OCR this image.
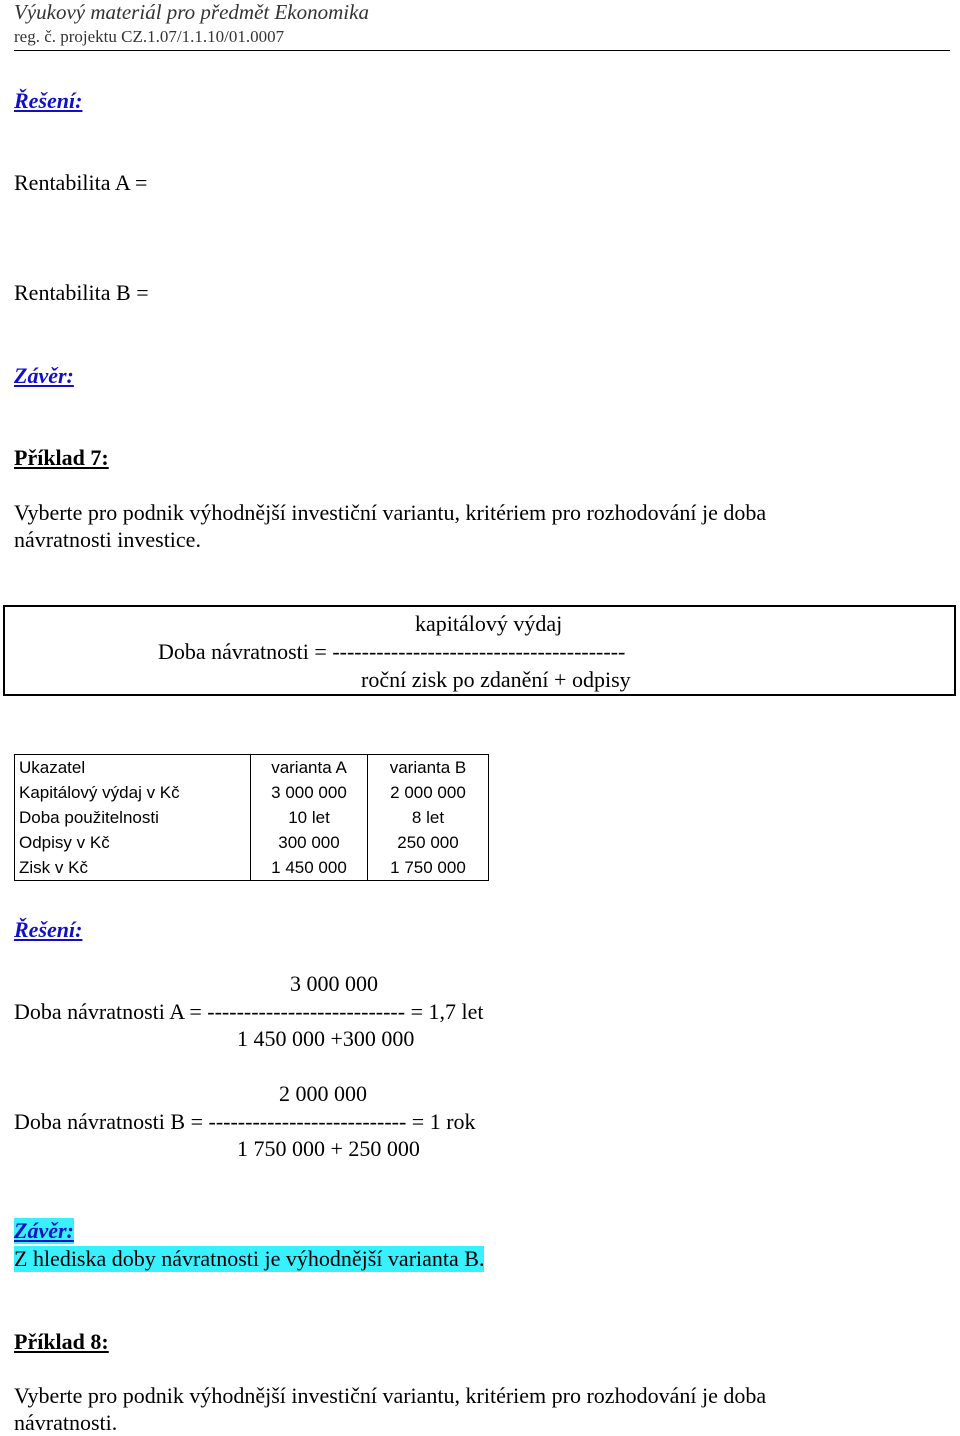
Výukový materiál pro předmět Ekonomika
reg. č. projektu CZ.1.07/1.1.10/01.0007
Řešení:
Rentabilita A =
Rentabilita B =
Závěr:
Příklad 7:
Vyberte pro podnik výhodnější investiční variantu, kritériem pro rozhodování je doba
návratnosti investice.
kapitálový výdaj
Doba návratnosti = ----------------------------------------
roční zisk po zdanění + odpisy
Ukazatel	varianta A	varianta B
Kapitálový výdaj v Kč	3 000 000	2 000 000
Doba použitelnosti	10 let	8 let
Odpisy v Kč	300 000	250 000
Zisk v Kč	1 450 000	1 750 000
Řešení:
3 000 000
Doba návratnosti A = --------------------------- = 1,7 let
1 450 000 +300 000
2 000 000
Doba návratnosti B = --------------------------- = 1 rok
1 750 000 + 250 000
Závěr:
Z hlediska doby návratnosti je výhodnější varianta B.
Příklad 8:
Vyberte pro podnik výhodnější investiční variantu, kritériem pro rozhodování je doba
návratnosti.
